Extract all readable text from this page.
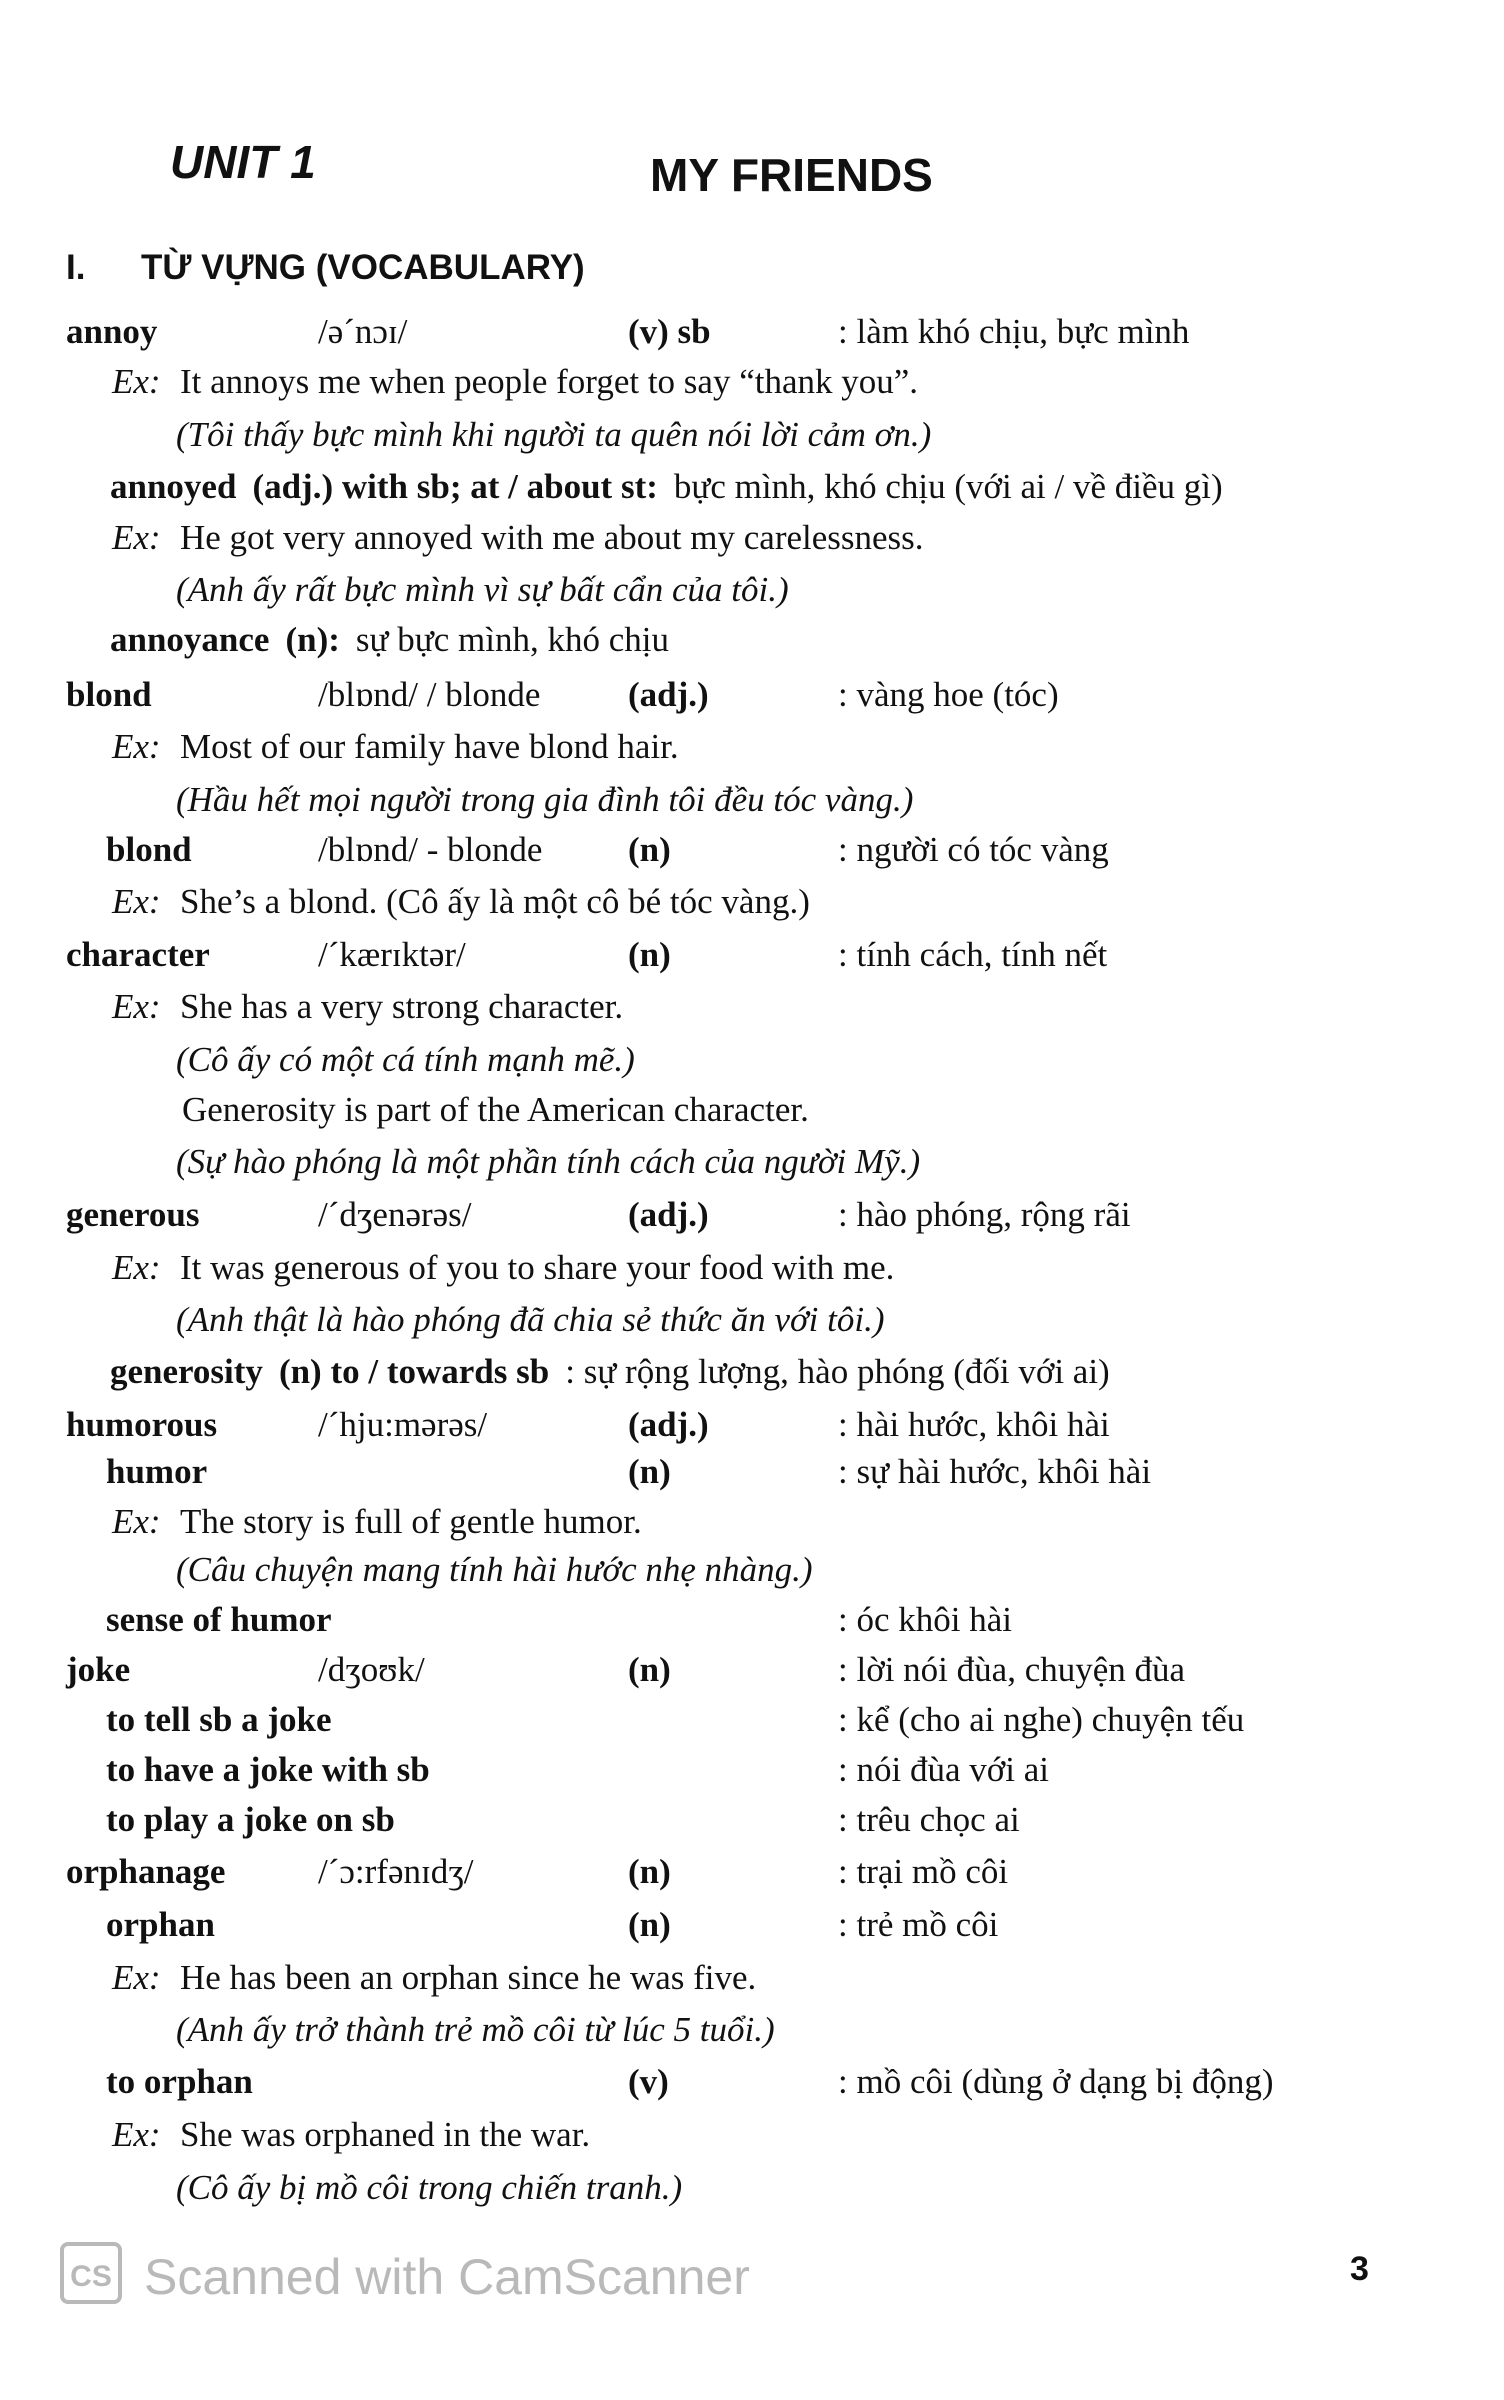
UNIT 1	MY FRIENDS
I. TỪ VỰNG (VOCABULARY)
annoy	/ə´nɔɪ/	(v) sb	: làm khó chịu, bực mình
Ex: It annoys me when people forget to say “thank you”.
(Tôi thấy bực mình khi người ta quên nói lời cảm ơn.)
annoyed (adj.) with sb; at / about st: bực mình, khó chịu (với ai / về điều gì)
Ex: He got very annoyed with me about my carelessness.
(Anh ấy rất bực mình vì sự bất cẩn của tôi.)
annoyance (n): sự bực mình, khó chịu
blond	/blɒnd/ / blonde	(adj.)	: vàng hoe (tóc)
Ex: Most of our family have blond hair.
(Hầu hết mọi người trong gia đình tôi đều tóc vàng.)
blond	/blɒnd/ - blonde (n)	: người có tóc vàng
Ex: She’s a blond. (Cô ấy là một cô bé tóc vàng.)
character	/´kærɪktər/	(n)	: tính cách, tính nết
Ex: She has a very strong character.
(Cô ấy có một cá tính mạnh mẽ.)
Generosity is part of the American character.
(Sự hào phóng là một phần tính cách của người Mỹ.)
generous	/´dʒenərəs/	(adj.)	: hào phóng, rộng rãi
Ex: It was generous of you to share your food with me.
(Anh thật là hào phóng đã chia sẻ thức ăn với tôi.)
generosity (n) to / towards sb : sự rộng lượng, hào phóng (đối với ai)
humorous	/´hju:mərəs/	(adj.)	: hài hước, khôi hài
humor	(n)	: sự hài hước, khôi hài
Ex: The story is full of gentle humor.
(Câu chuyện mang tính hài hước nhẹ nhàng.)
sense of humor	: óc khôi hài
joke	/dʒoʊk/	(n)	: lời nói đùa, chuyện đùa
to tell sb a joke	: kể (cho ai nghe) chuyện tếu
to have a joke with sb	: nói đùa với ai
to play a joke on sb	: trêu chọc ai
orphanage	/´ɔ:rfənɪdʒ/	(n)	: trại mồ côi
orphan	(n)	: trẻ mồ côi
Ex: He has been an orphan since he was five.
(Anh ấy trở thành trẻ mồ côi từ lúc 5 tuổi.)
to orphan	(v)	: mồ côi (dùng ở dạng bị động)
Ex: She was orphaned in the war.
(Cô ấy bị mồ côi trong chiến tranh.)
CS Scanned with CamScanner	3
